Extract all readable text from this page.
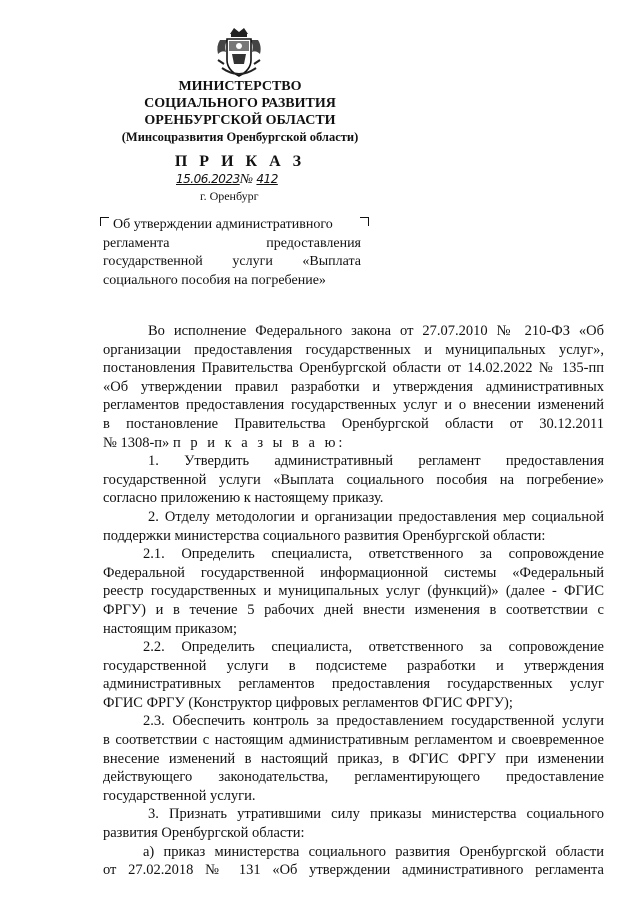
МИНИСТЕРСТВО
СОЦИАЛЬНОГО РАЗВИТИЯ
ОРЕНБУРГСКОЙ ОБЛАСТИ
(Минсоцразвития Оренбургской области)
П Р И К А З
15.06.2023№ 412
г. Оренбург
Об утверждении административного
регламента	предоставления
государственной услуги «Выплата
социального пособия на погребение»
Во исполнение Федерального закона от 27.07.2010 № 210-ФЗ «Об
организации предоставления государственных и муниципальных услуг»,
постановления Правительства Оренбургской области от 14.02.2022 № 135-пп
«Об утверждении правил разработки и утверждения административных
регламентов предоставления государственных услуг и о внесении изменений
в постановление Правительства Оренбургской области от 30.12.2011
№ 1308-п» п р и к а з ы в а ю:
1. Утвердить административный регламент предоставления
государственной услуги «Выплата социального пособия на погребение»
согласно приложению к настоящему приказу.
2. Отделу методологии и организации предоставления мер социальной
поддержки министерства социального развития Оренбургской области:
2.1. Определить специалиста, ответственного за сопровождение
Федеральной государственной информационной системы «Федеральный
реестр государственных и муниципальных услуг (функций)» (далее - ФГИС
ФРГУ) и в течение 5 рабочих дней внести изменения в соответствии с
настоящим приказом;
2.2. Определить специалиста, ответственного за сопровождение
государственной услуги в подсистеме разработки и утверждения
административных регламентов предоставления государственных услуг
ФГИС ФРГУ (Конструктор цифровых регламентов ФГИС ФРГУ);
2.3. Обеспечить контроль за предоставлением государственной услуги
в соответствии с настоящим административным регламентом и своевременное
внесение изменений в настоящий приказ, в ФГИС ФРГУ при изменении
действующего законодательства, регламентирующего предоставление
государственной услуги.
3. Признать утратившими силу приказы министерства социального
развития Оренбургской области:
а) приказ министерства социального развития Оренбургской области
от 27.02.2018 № 131 «Об утверждении административного регламента
